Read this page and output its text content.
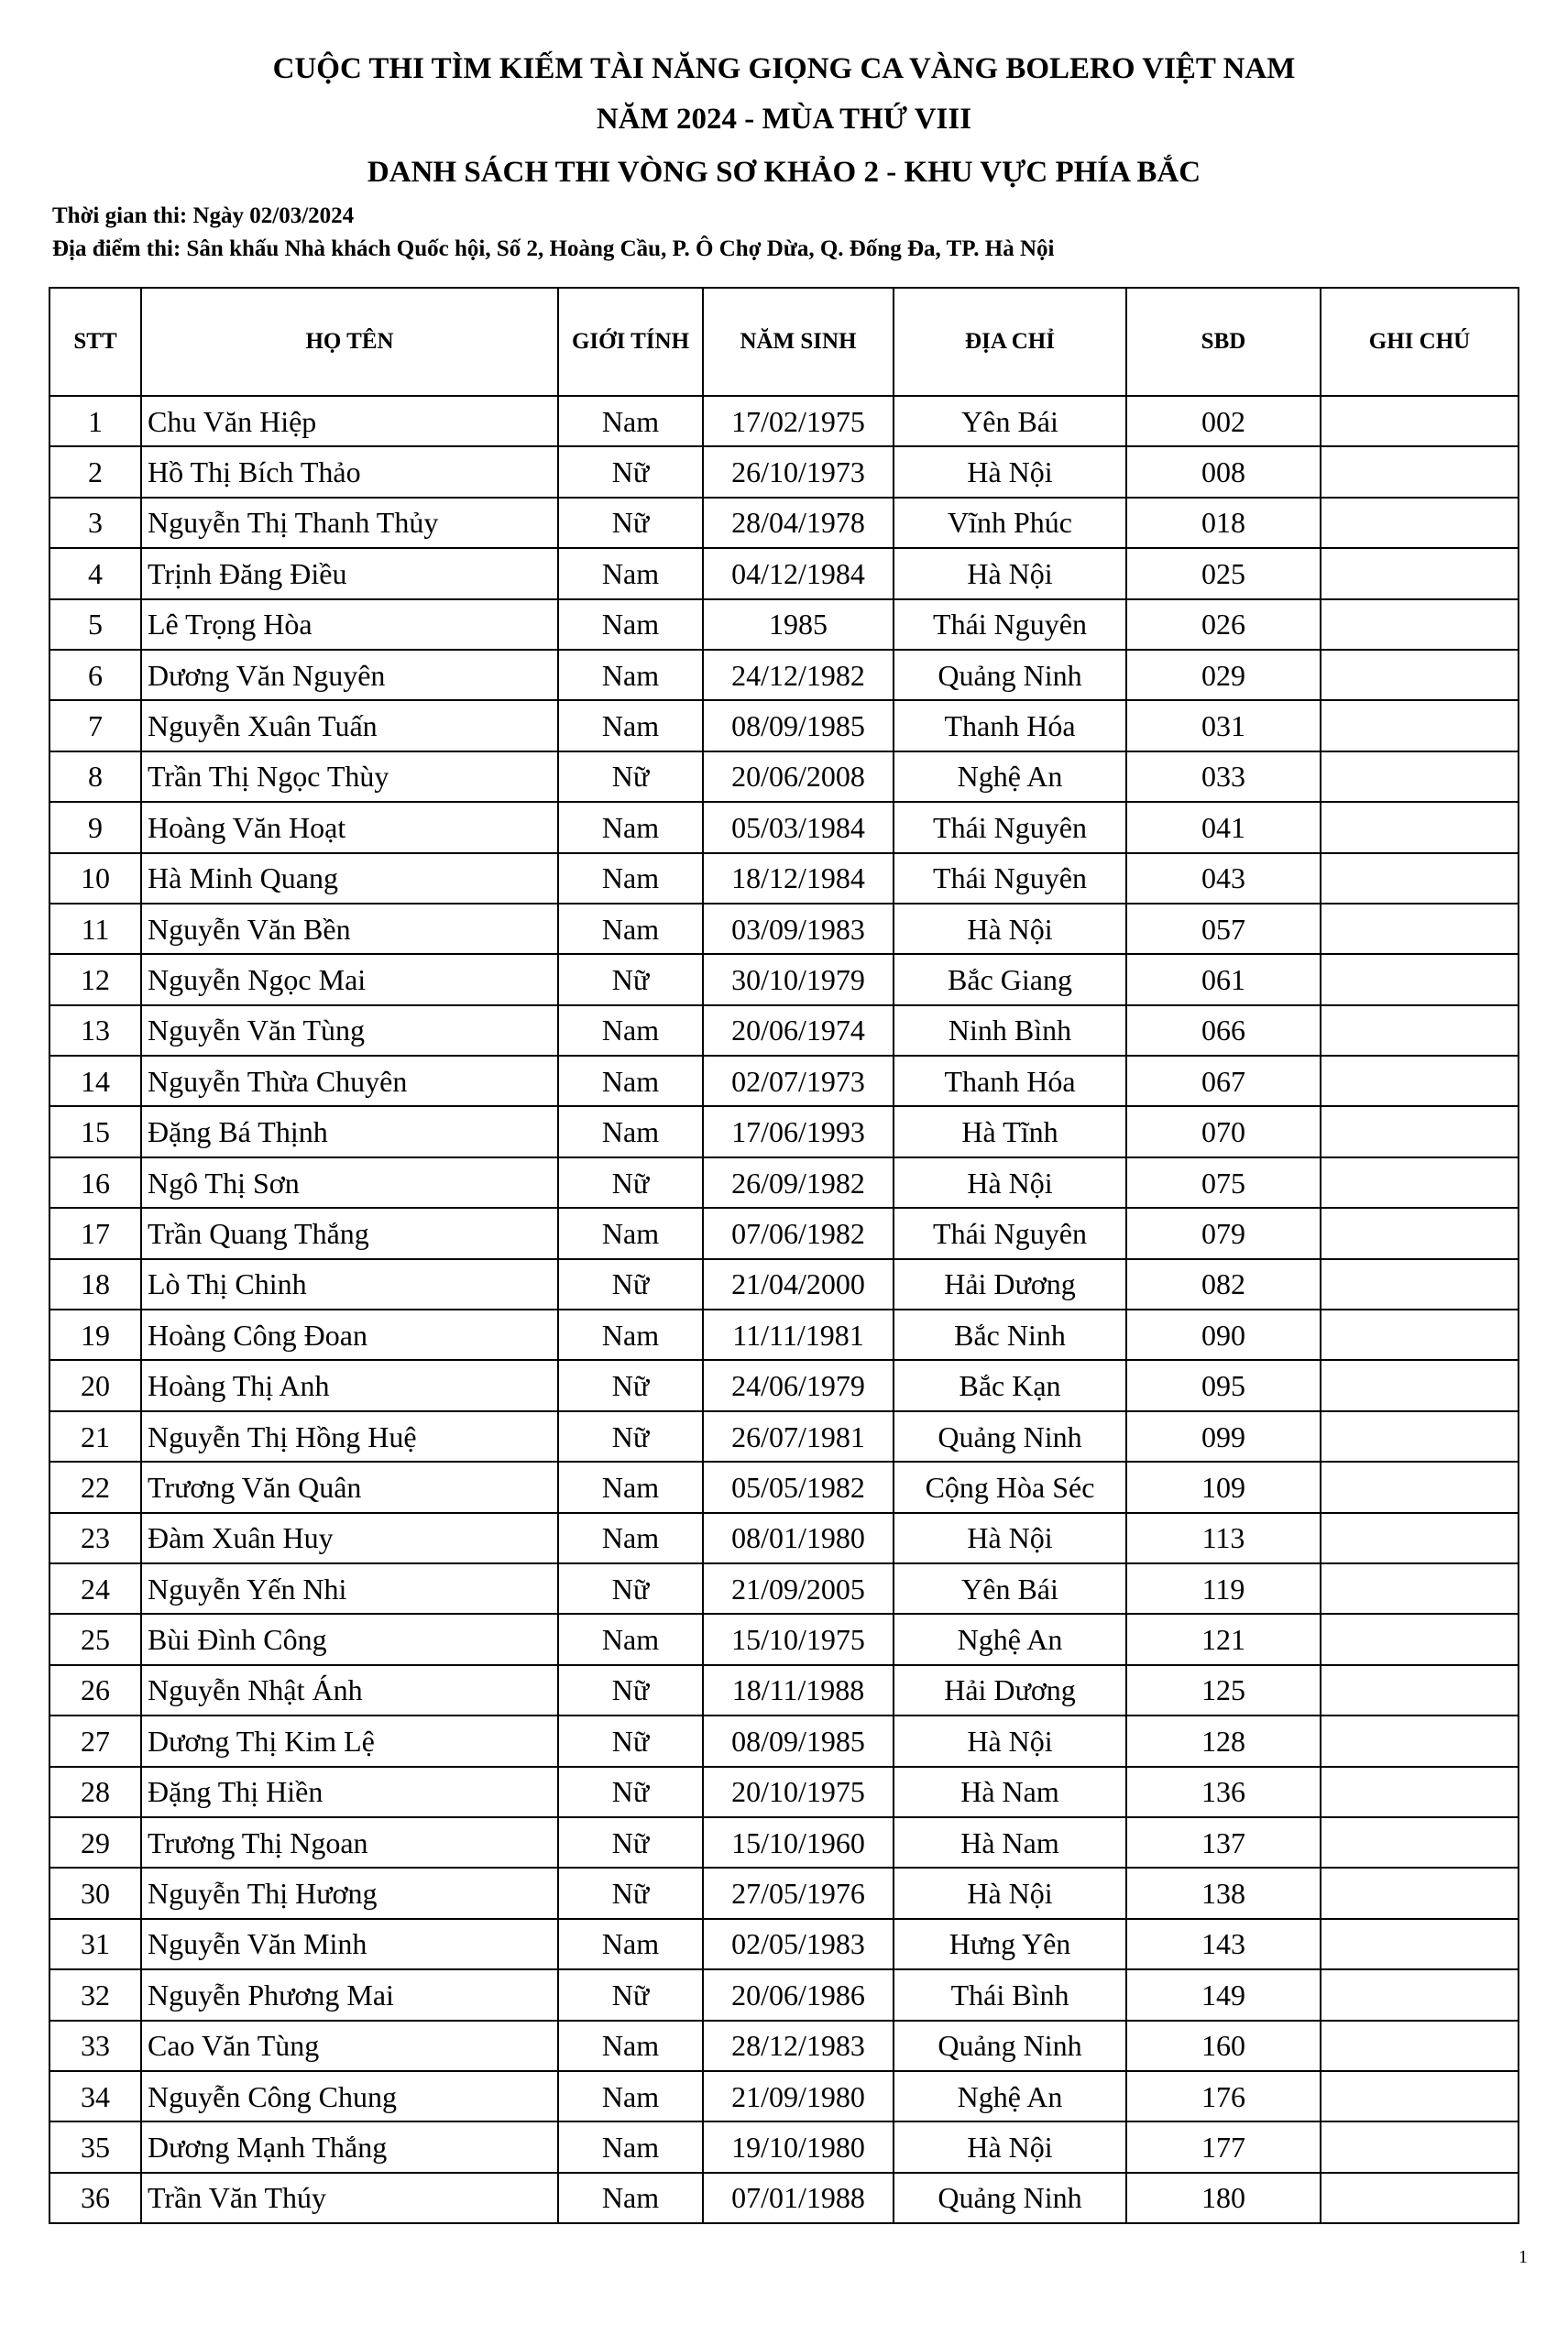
CUỘC THI TÌM KIẾM TÀI NĂNG GIỌNG CA VÀNG BOLERO VIỆT NAM
NĂM 2024 - MÙA THỨ VIII
DANH SÁCH THI VÒNG SƠ KHẢO 2 - KHU VỰC PHÍA BẮC
Thời gian thi: Ngày 02/03/2024
Địa điểm thi: Sân khấu Nhà khách Quốc hội, Số 2, Hoàng Cầu, P. Ô Chợ Dừa, Q. Đống Đa, TP. Hà Nội
STT	HỌ TÊN	GIỚI TÍNH	NĂM SINH	ĐỊA CHỈ	SBD	GHI CHÚ
1	Chu Văn Hiệp	Nam	17/02/1975	Yên Bái	002	
2	Hồ Thị Bích Thảo	Nữ	26/10/1973	Hà Nội	008	
3	Nguyễn Thị Thanh Thủy	Nữ	28/04/1978	Vĩnh Phúc	018	
4	Trịnh Đăng Điều	Nam	04/12/1984	Hà Nội	025	
5	Lê Trọng Hòa	Nam	1985	Thái Nguyên	026	
6	Dương Văn Nguyên	Nam	24/12/1982	Quảng Ninh	029	
7	Nguyễn Xuân Tuấn	Nam	08/09/1985	Thanh Hóa	031	
8	Trần Thị Ngọc Thùy	Nữ	20/06/2008	Nghệ An	033	
9	Hoàng Văn Hoạt	Nam	05/03/1984	Thái Nguyên	041	
10	Hà Minh Quang	Nam	18/12/1984	Thái Nguyên	043	
11	Nguyễn Văn Bền	Nam	03/09/1983	Hà Nội	057	
12	Nguyễn Ngọc Mai	Nữ	30/10/1979	Bắc Giang	061	
13	Nguyễn Văn Tùng	Nam	20/06/1974	Ninh Bình	066	
14	Nguyễn Thừa Chuyên	Nam	02/07/1973	Thanh Hóa	067	
15	Đặng Bá Thịnh	Nam	17/06/1993	Hà Tĩnh	070	
16	Ngô Thị Sơn	Nữ	26/09/1982	Hà Nội	075	
17	Trần Quang Thắng	Nam	07/06/1982	Thái Nguyên	079	
18	Lò Thị Chinh	Nữ	21/04/2000	Hải Dương	082	
19	Hoàng Công Đoan	Nam	11/11/1981	Bắc Ninh	090	
20	Hoàng Thị Anh	Nữ	24/06/1979	Bắc Kạn	095	
21	Nguyễn Thị Hồng Huệ	Nữ	26/07/1981	Quảng Ninh	099	
22	Trương Văn Quân	Nam	05/05/1982	Cộng Hòa Séc	109	
23	Đàm Xuân Huy	Nam	08/01/1980	Hà Nội	113	
24	Nguyễn Yến Nhi	Nữ	21/09/2005	Yên Bái	119	
25	Bùi Đình Công	Nam	15/10/1975	Nghệ An	121	
26	Nguyễn Nhật Ánh	Nữ	18/11/1988	Hải Dương	125	
27	Dương Thị Kim Lệ	Nữ	08/09/1985	Hà Nội	128	
28	Đặng Thị Hiền	Nữ	20/10/1975	Hà Nam	136	
29	Trương Thị Ngoan	Nữ	15/10/1960	Hà Nam	137	
30	Nguyễn Thị Hương	Nữ	27/05/1976	Hà Nội	138	
31	Nguyễn Văn Minh	Nam	02/05/1983	Hưng Yên	143	
32	Nguyễn Phương Mai	Nữ	20/06/1986	Thái Bình	149	
33	Cao Văn Tùng	Nam	28/12/1983	Quảng Ninh	160	
34	Nguyễn Công Chung	Nam	21/09/1980	Nghệ An	176	
35	Dương Mạnh Thắng	Nam	19/10/1980	Hà Nội	177	
36	Trần Văn Thúy	Nam	07/01/1988	Quảng Ninh	180	
1
